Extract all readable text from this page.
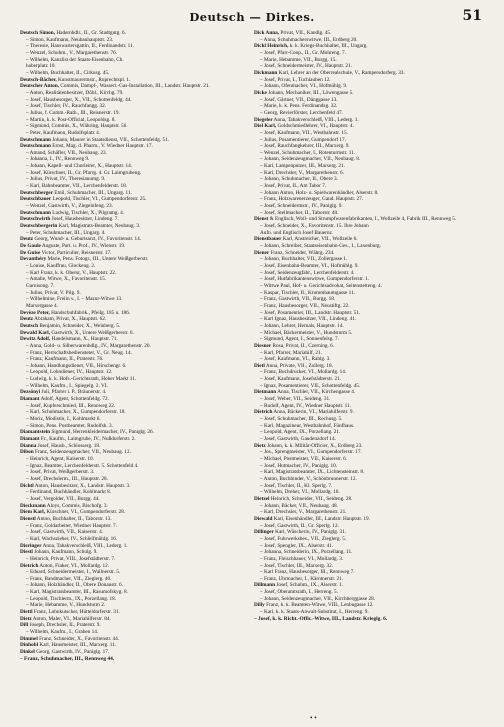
Deutsch — Dirkes.	51
Deutsch Simon, Hadernhdlr., II., Gr. Stadtgutg. 6.
– Simon, Kaufmann, Neubauhauptstr. 23.
– Theresie, Hauswartersgattin, II., Ferdinandstr. 11.
– Wenzel, Schuhm., V., Margarethenstr. 76.
– Wilhelm, Kanzlist der Staats-Eisenbahn, Ch.
haberplatz 10.
– Wilhelm, Buchhalter, II., Cirkusg. 45.
Deutsch-Bächer, Kunstmaurermstr., Ruprechtspl. 1.
Deutscher Anton, Commis, Dampf-, Wasserl.-Gas-Installation, III., Landstr. Hauptstr. 21.
– Anton, Realitätenbesitzer, Döbl., Kirchg. 79.
– Josef, Hausbesorger, X., VII., Schottenfeldg. 44.
– Josef, Tischler, IV., Rauchfangg. 32.
– Julius, f. Comm.-Rath., III., Reisnerstr. 19.
– Martin, k. k. Post-Official, Leopoldsg. 8.
– Sigmund, Commis, X., Währing, Hauptstr. 56.
– Peter, Kaufmann, Rudolfsplatz 4.
Deutschmann Johann, Maurer in Staatsdienst, VII., Schottenfeldg. 51.
Deutschmann Ernst, Mag. d. Pharm., V. Wiedner Hauptstr. 17.
– Amand, Schäfler, VII., Neubaug. 23.
– Johanna, I., IV., Rennweg 9.
– Johann, Kapell- und Chorleiter, X., Hauptstr. 14.
– Josef, Kürschner, II., Gr. Pfarrg. 4. Gr. Laimgrubeng.
– Julius, Privat, IV., Theresianumg. 9.
– Karl, Bahnbeamter, VII., Lerchenfelderstr. 18.
Deutschberger Emil, Schuhmacher, III., Ungarg. 11.
Deutschbauer Leopold, Tischler, VI., Gumpendorferstr. 25.
– Wenzel, Gastwirth, V., Ziegelofeng. 23.
Deutschmann Ludwig, Tischler, X., Pilgramg. 4.
Deutschwirth Josef, Hausbesitzer, Lindeng. 7.
Deutschbergerin Karl, Magistrats-Beamter, Neubaug. 3.
– Peter, Schuhmacher, III., Ungarg. 4.
Deutz Georg, Wund- u. Geburtsarzt, IV., Favoritenstr. 14.
De Gaule Auguste, Part. u. Prof., IV., Wienstr. 19.
De Guise Victor, Particulier, Reisnerstr. 17.
Devanthéry Marie, Pens. Fotogr., III., Untere Weißgerberstr.
– Louise, Kauffrau, Glockeng. 2.
– Karl Franz, k. k. Oberst, V., Hauptstr. 22.
– Amalie, Witwe, X., Favoritenstr. 15.
Garnisong. 7.
– Julius, Privat, V. Pilg. 9.
– Wilhelmine, Freiin v., I. – Mazur-Witwe 13.
Marxergasse 4.
Devèze Peter, Handschuhfabrik., Pfeilg. 185 u. 186.
Deutz Abraham, Privat, X., Hauptstr. 62.
Deutsch Benjamin, Schneider, X., Weinberg. 5.
Dewald Karl, Gastwirth, X., Untere Weißgerberstr. 6.
Dewitz Adolf, Handelsmann, X., Hauptstr. 71.
– Anna, Gold- u. Silberwarenhdlg., IV., Margarethenstr. 20.
– Franz, Herrschaftsbediensteter, V., Gr. Neug. 14.
– Franz, Kaufmann, II., Praterstr. 76.
– Johann, Handlungsdiener, VII., Hirschengr. 6.
– Leopold, Lohndiener, IV., Hauptstr. 12.
– Ludwig, k. k. Hofs.-Gerichtsrath, Hoher Markt 11.
– Wilhelm, Kaufm., I., Spiegelg. 2. VI.
Dezsönyi Juli, Pfarrer i. P., Bräunerstr. 4.
Diamant Adolf, Agent, Schottenfeldg. 72.
– Josef, Kupferschmied, III., Rennweg 22.
– Karl, Schuhmacher, X., Gumpendorferstr. 18.
– Moriz, Modistin, I., Kohlmarkt 6.
– Simon, Pens. Postbeamter, Rudolfsh. 3.
Diamantstein Sigmund, Herrenkleidermacher, IV., Paniglg. 26.
Diamant Fr., Kaufm., Laimgrube, IV., Nußdorferstr. 2.
Dianna Josef, Hausb., Schlosserg. 18.
Dibon Franz, Seidenzeugmacher, VII., Neubaug. 12.
– Heinrich, Agent, Kaiserstr. 10.
– Ignaz, Beamter, Lerchenfelderstr. 5. Schottenfeld 4.
– Josef, Privat, Weißgerberstr. 3.
– Josef, Drechslerm., III., Hauptstr. 28.
Dichtl Anton, Hausbesitzer, X., Landstr. Hauptstr. 3.
– Ferdinand, Buchhändler, Kohlmarkt 8.
– Josef, Vergolder, VII., Burgg. 44.
Dieckmann Aloys, Commis, Bischofg. 3.
Diem Karl, Kürschner, VI., Gumpendorferstr. 28.
Dienstl Anton, Buchhalter, II., Taborstr. 13.
– Franz, Goldarbeiter, Wiedner Hauptstr. 7.
– Josef, Gastwirth, VII., Kaiserstr. 4.
– Karl, Wachszieher, IV., Schleifmühlg. 16.
Dieringer Anna, Tabakverschleiß, VIII., Lederg. 1.
Diestl Johann, Kaufmann, Schulg. 9.
– Heinrich, Privat, VIII., Josefstädterstr. 7.
Dietrich Anton, Fiaker, VI., Mollardg. 12.
– Eduard, Schneidermeister, I., Wallnerstr. 5.
– Franz, Bandmacher, VII., Zieglerg. 40.
– Johann, Holzhändler, II., Obere Donaustr. 6.
– Karl, Magistratsbeamter, III., Rasumofskyg. 8.
– Leopold, Tischlerm., IX., Porzellang. 18.
– Marie, Hebamme, V., Hundsturm 2.
Diettl Franz, Lohnkutscher, Hütteldorferstr. 31.
Dietz Anton, Maler, VI., Mariahilferstr. 84.
Dill Joseph, Drechsler, II., Praterstr. 9.
– Wilhelm, Kaufm., I., Graben 14.
Dimmel Franz, Schneider, X., Favoritenstr. 44.
Dinhobl Karl, Hausmeister, III., Marxerg. 11.
Dinkel Georg, Gastwirth, IV., Paniglg. 17.
– Franz, Schuhmacher, III., Rennweg 44.
Dick Anna, Privat, VII., Kandlg. 45.
– Anna, Schuhmacherswitwe, III., Erdberg 20.
Dickl Heinrich, k. k. Kriegs-Buchhalter, III., Ungarg.
– Josef, Pfarr-Coop., II., Gr. Mohreng. 7.
– Marie, Hebamme, VII., Burgg. 15.
– Josef, Schneidermeister, IV., Hauptstr. 21.
Dickmann Karl, Lehrer an der Oberrealschule, V., Rampersdorferg. 33.
– Josef, Privat, I., Tuchlauben 12.
– Johann, Ofenmacher, VI., Hofmühlg. 9.
Dicke Johann, Mechaniker, III., Löwengasse 5.
– Josef, Gärtner, VII., Dänggasse 13.
– Marie, k. k. Pens. Ferdinandsg. 32.
– Georg, Revierförster, Lerchenfeld 47.
Diegeler Anna, Tabakverschleiß, VIII., Lederg. 1.
Diel Karl, Goldschmiedlehrer, VI., Hauptstr. 4.
– Josef, Kaufmann, VII., Westbahnstr. 15.
– Julius, Posamentierer, Gumpendorf 17.
– Josef, Rauchfangkehrer, III., Marxerg. 9.
– Wenzel, Schuhmacher, I., Rotenturmstr. 11.
– Johann, Seidenzeugmacher, VII., Neubaug. 8.
– Karl, Lampenputzer, III., Marxerg. 21.
– Karl, Drechsler, V., Margarethenstr. 6.
– Johann, Schuhmacher, II., Obere 3.
– Josef, Privat, II., Am Tabor 7.
– Johann Anton, Holz- u. Spielwarenhändler, Alserstr. 8.
– Franz, Holzwarenerzeuger, Gaud. Hauptstr. 27.
– Josef, Schneidermstr., IV., Paniglg. 9.
– Josef, Stellmacher, II., Taborstr. 40.
Dienst & Englisch, Woll- und Strumpfwarenfabrikanten, I., Wollzeile 4, Fabrik III., Rennweg 5.
– Josef, Schneider, X., Favoritenstr. 15. Ihre Johann
Aufn. und Englisch Josef Bauernz.
Dienstbauer Karl, Anstreicher, VII., Wollzeile 6.
– Johann, Schreiber, Staatseisenbahn-Ges., I., Laxenburg.
Diener Franz, Schneider, Währg. 234.
– Johann, Buchhalter, VII., Zollergasse 1.
– Josef, Eisenbahn-Beamter, VI., Hofmühlg. 9.
– Josef, Seidenzeugfabr., Lerchenfelderstr. 4.
– Josef, Hutfabrikantenswitwe, Gumpendorferstr. 1.
– Wittwe Paul, Hof- u. Gerichtsadvokat, Seitenstetteng. 4.
– Kaspar, Tischler, II., Krummbaumgasse 11.
– Franz, Gastwirth, VII., Burgg. 18.
– Franz, Hausbesorger, VII., Neustiftg. 22.
– Josef, Posamentier, III., Landstr. Hauptstr. 51.
– Karl Ignaz, Hausbesitzer, VII., Lindeng. 41.
– Johann, Lehrer, Hernals, Hauptstr. 14.
– Michael, Bäckermeister, V., Hundsturm 5.
– Sigmund, Agent, I., Sonnenfelsg. 7.
Diesner Rosa, Privat, II., Czerning. 6.
– Karl, Pfarrer, Mariahilf, 21.
– Josef, Kaufmann, VI., Rahlg. 3.
Dietl Anna, Private, VII., Zollerg. 18.
– Franz, Buchdrucker, VI., Mollardg. 14.
– Josef, Kaufmann, Josefstädterstr. 21.
– Ignaz, Posamentierer, VII., Schottenfeldg. 45.
Dietmann Anna, Tischler, VII., Kirchengasse 4.
– Josef, Weber, VII., Seideng. 31.
– Rudolf, Agent, IV., Wiedner Hauptstr. 11.
Dietrich Anna, Bäckerin, VI., Mariahilferstr. 9.
– Josef, Schuhmacher, III., Rochusg. 5.
– Karl, Magazineur, Westbahnhof, Fünfhaus.
– Leopold, Agent, IX., Porzellang. 21.
– Josef, Gastwirth, Gaudenzdorf 14.
Dietz Johann, k. k. Militär-Officier, X., Erdberg 23.
– Jos., Sprengmeister, VI., Gumpendorferstr. 17.
– Michael, Postmeister, VII., Kaiserstr. 6.
– Josef, Hutmacher, IV., Paniglg. 10.
– Karl, Magistratsbeamter, IX., Lichtensteinstr. 8.
– Anton, Buchbinder, V., Schönbrunnerstr. 12.
– Josef, Tischler, II., Kl. Sperlg. 7.
– Wilhelm, Dreher, VI., Mollardg. 16.
Dietzel Heinrich, Schneider, VII., Seideng. 28.
– Johann, Bäcker, VII., Neubaug. 48.
– Karl, Drechsler, V., Margarethenstr. 21.
Diewald Karl, Eisenhändler, III., Landstr. Hauptstr. 19.
– Josef, Gastwirth, II., Gr. Sperlg. 12.
Dillinger Karl, Wäscherin, IV., Paniglg. 31.
– Josef, Fuhrwerksbes., VII., Zieglerg. 5.
– Josef, Spengler, IX., Alserstr. 41.
– Johanna, Schneiderin, IX., Porzellang. 11.
– Franz, Fleischhauer, VI., Mollardg. 3.
– Josef, Tischler, III., Marxerg. 32.
– Karl Franz, Hausbesorger, III., Rennweg 7.
– Franz, Uhrmacher, I., Kärntnerstr. 21.
Dillmann Josef, Schuhm., IX., Alserstr. 1.
– Josef, Oberamtsrath, I., Herreng. 5.
– Johann, Seidenzeugmacher, VII., Kirchberggasse 28.
Dilly Franz, k. k. Beamten-Witwe, VIII., Lenbugasse 12.
– Karl, k. k. Staats-Anwalt-Substitut, I., Herreng. 9.
– Josef, k. k. Richt.-Offic.-Witwe, III., Landstr. Krieglg. 6.
• •
